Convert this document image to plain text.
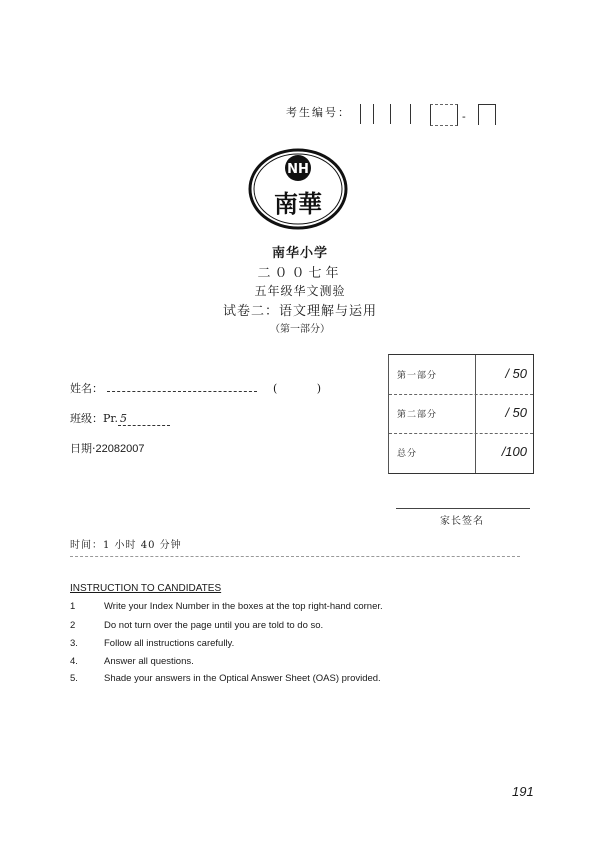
考生编号：	-
NH
南華
南华小学
二００七年
五年级华文测验
试卷二：语文理解与运用
（第一部分）
姓名：	( )
班级：Pr. 5
日期·22082007
第一部分	/ 50
第二部分	/ 50
总分	/100
家长签名
时间：1 小时 40 分钟
INSTRUCTION TO CANDIDATES
1	Write your Index Number in the boxes at the top right-hand corner.
2	Do not turn over the page until you are told to do so.
3.	Follow all instructions carefully.
4.	Answer all questions.
5.	Shade your answers in the Optical Answer Sheet (OAS) provided.
191
